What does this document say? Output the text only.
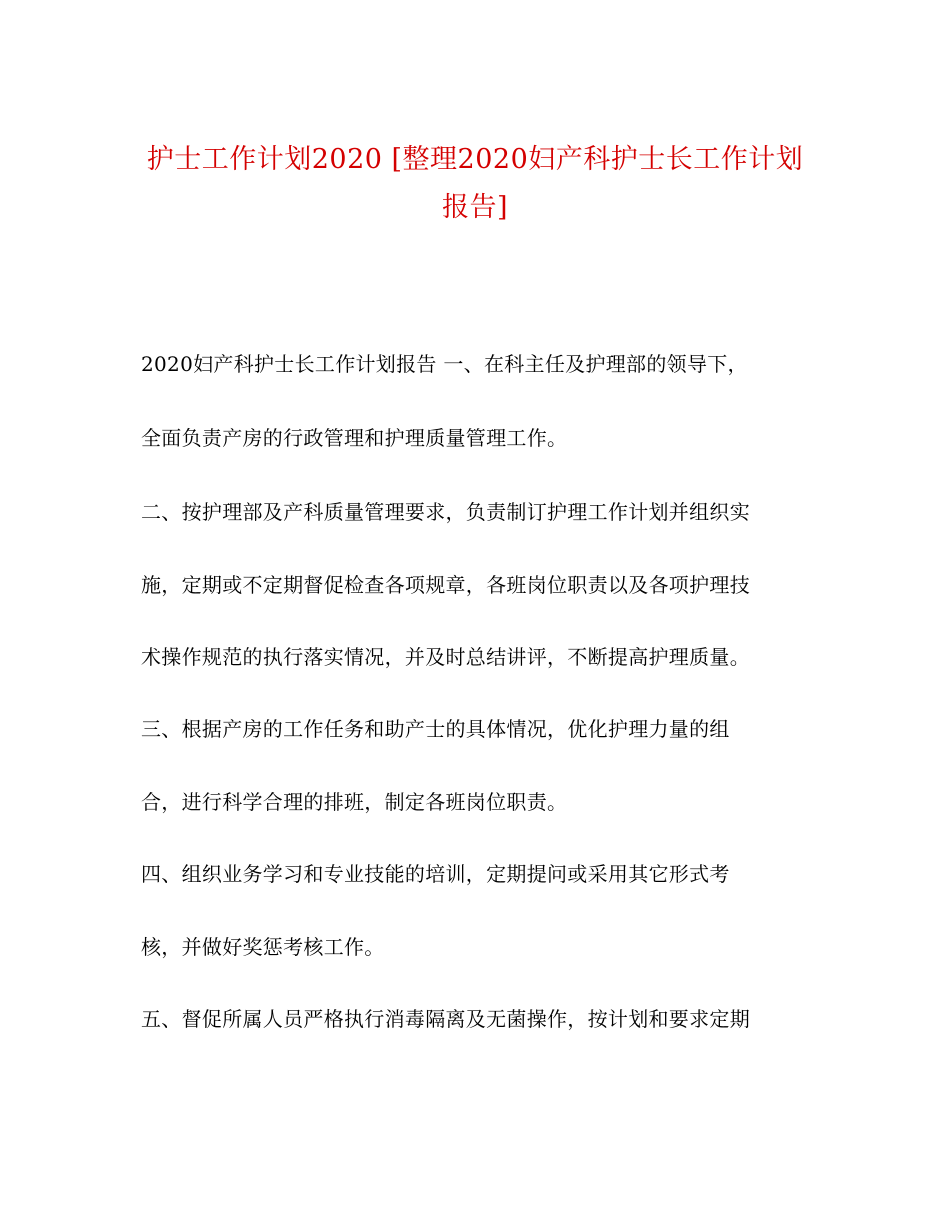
护士工作计划2020 [整理2020妇产科护士长工作计划
报告]
2020妇产科护士长工作计划报告 一、在科主任及护理部的领导下，
全面负责产房的行政管理和护理质量管理工作。
二、按护理部及产科质量管理要求，负责制订护理工作计划并组织实
施，定期或不定期督促检查各项规章，各班岗位职责以及各项护理技
术操作规范的执行落实情况，并及时总结讲评，不断提高护理质量。
三、根据产房的工作任务和助产士的具体情况，优化护理力量的组
合，进行科学合理的排班，制定各班岗位职责。
四、组织业务学习和专业技能的培训，定期提问或采用其它形式考
核，并做好奖惩考核工作。
五、督促所属人员严格执行消毒隔离及无菌操作，按计划和要求定期
